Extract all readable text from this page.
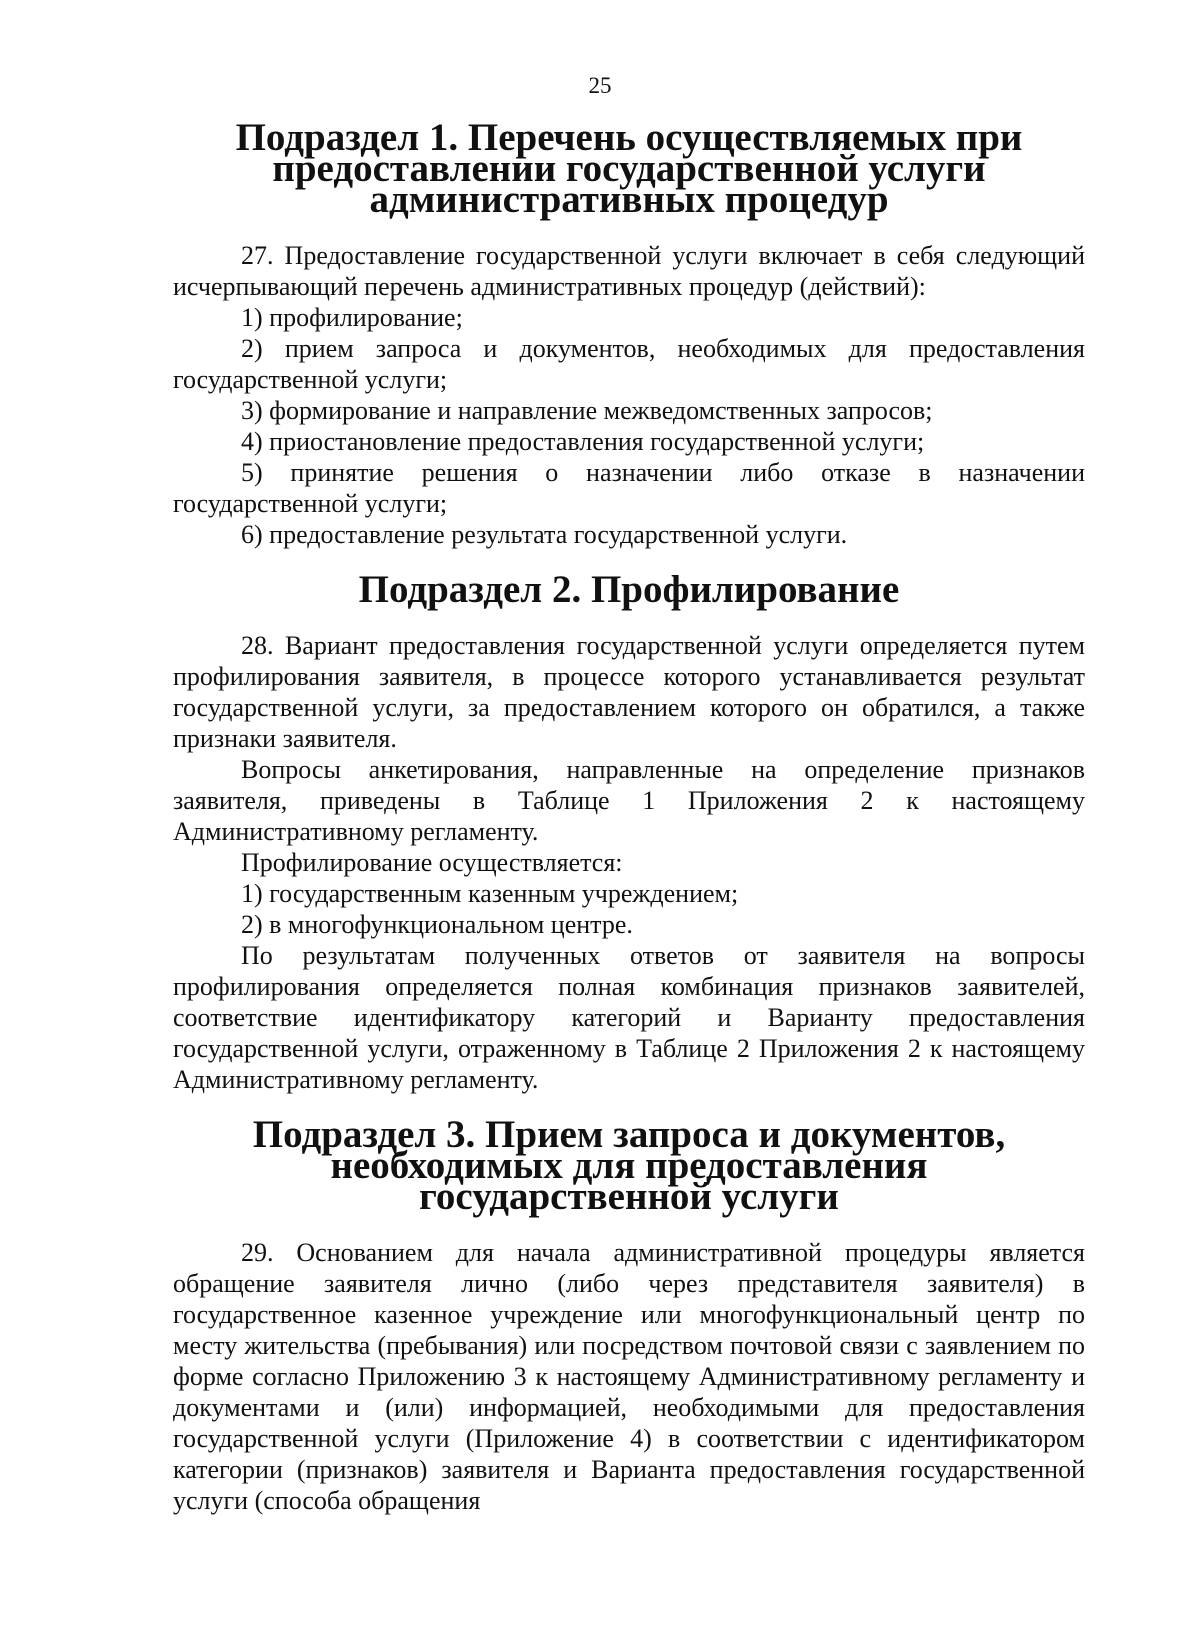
25
Подраздел 1. Перечень осуществляемых при предоставлении государственной услуги административных процедур

27. Предоставление государственной услуги включает в себя следующий исчерпывающий перечень административных процедур (действий):

1) профилирование;

2) прием запроса и документов, необходимых для предоставления государственной услуги;

3) формирование и направление межведомственных запросов;

4) приостановление предоставления государственной услуги;

5) принятие решения о назначении либо отказе в назначении государственной услуги;

6) предоставление результата государственной услуги.

Подраздел 2. Профилирование

28. Вариант предоставления государственной услуги определяется путем профилирования заявителя, в процессе которого устанавливается результат государственной услуги, за предоставлением которого он обратился, а также признаки заявителя.

Вопросы анкетирования, направленные на определение признаков заявителя, приведены в Таблице 1 Приложения 2 к настоящему Административному регламенту.

Профилирование осуществляется:

1) государственным казенным учреждением;

2) в многофункциональном центре.

По результатам полученных ответов от заявителя на вопросы профилирования определяется полная комбинация признаков заявителей, соответствие идентификатору категорий и Варианту предоставления государственной услуги, отраженному в Таблице 2 Приложения 2 к настоящему Административному регламенту.

Подраздел 3. Прием запроса и документов, необходимых для предоставления государственной услуги

29. Основанием для начала административной процедуры является обращение заявителя лично (либо через представителя заявителя) в государственное казенное учреждение или многофункциональный центр по месту жительства (пребывания) или посредством почтовой связи с заявлением по форме согласно Приложению 3 к настоящему Административному регламенту и документами и (или) информацией, необходимыми для предоставления государственной услуги (Приложение 4) в соответствии с идентификатором категории (признаков) заявителя и Варианта предоставления государственной услуги (способа обращения
